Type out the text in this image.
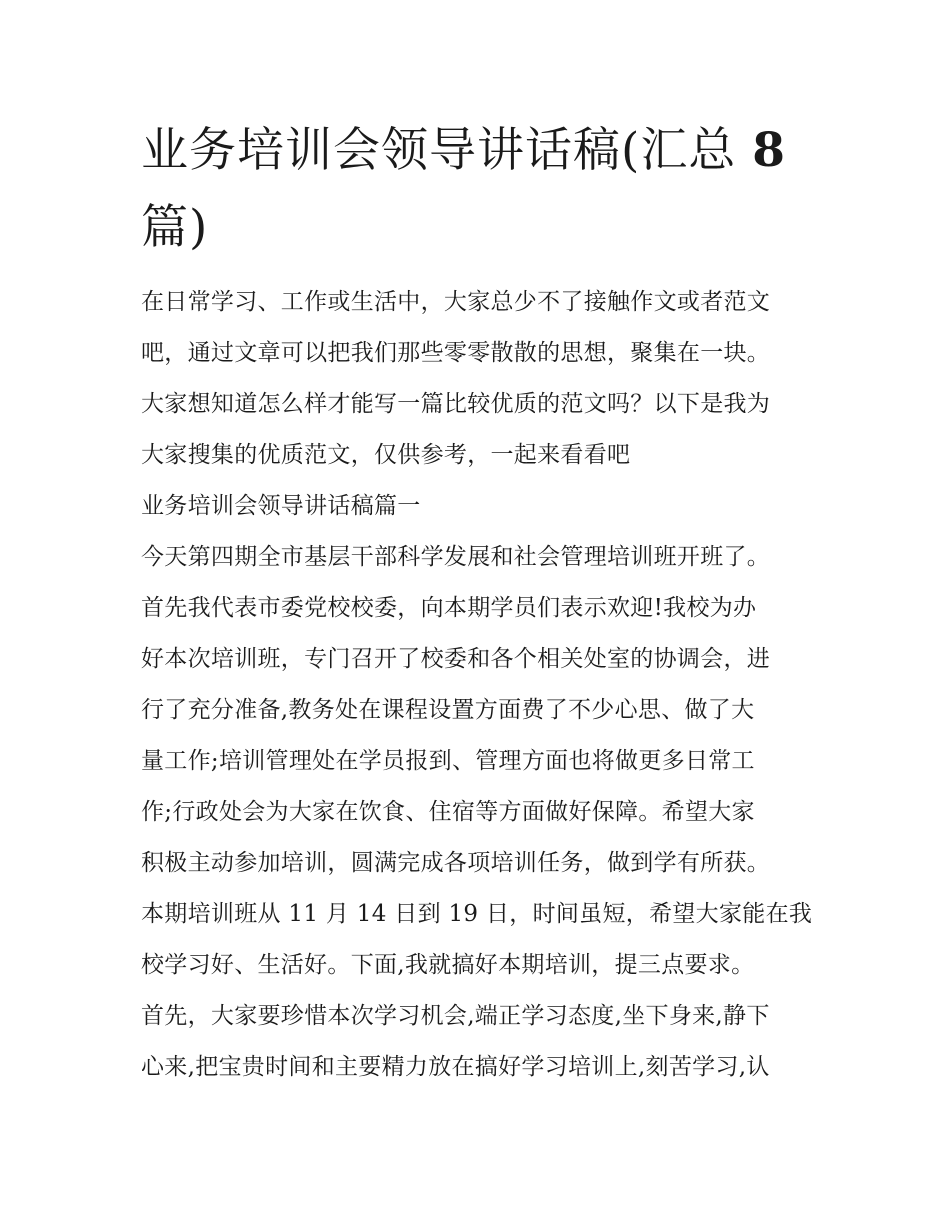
业务培训会领导讲话稿(汇总 8
篇)

在日常学习、工作或生活中，大家总少不了接触作文或者范文

吧，通过文章可以把我们那些零零散散的思想，聚集在一块。

大家想知道怎么样才能写一篇比较优质的范文吗？以下是我为

大家搜集的优质范文，仅供参考，一起来看看吧

业务培训会领导讲话稿篇一

今天第四期全市基层干部科学发展和社会管理培训班开班了。

首先我代表市委党校校委，向本期学员们表示欢迎!我校为办

好本次培训班，专门召开了校委和各个相关处室的协调会，进

行了充分准备,教务处在课程设置方面费了不少心思、做了大

量工作;培训管理处在学员报到、管理方面也将做更多日常工

作;行政处会为大家在饮食、住宿等方面做好保障。希望大家

积极主动参加培训，圆满完成各项培训任务，做到学有所获。

本期培训班从 11 月 14 日到 19 日，时间虽短，希望大家能在我

校学习好、生活好。下面,我就搞好本期培训，提三点要求。

首先，大家要珍惜本次学习机会,端正学习态度,坐下身来,静下

心来,把宝贵时间和主要精力放在搞好学习培训上,刻苦学习,认
